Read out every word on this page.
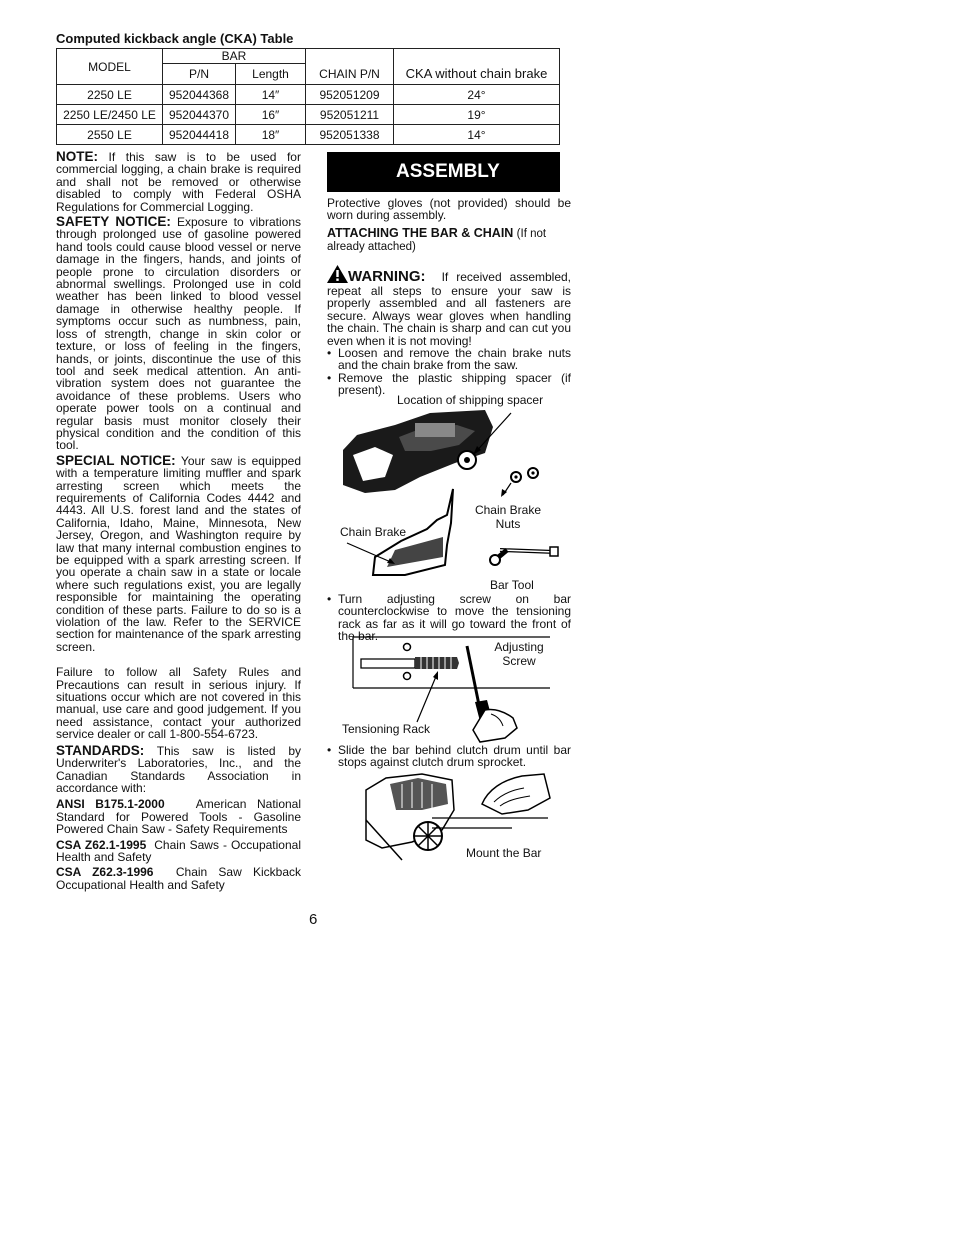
Computed kickback angle (CKA) Table
MODEL	BAR		CHAIN P/N	CKA without chain brake
	P/N	Length		
2250 LE	952044368	14″	952051209	24°
2250 LE/2450 LE	952044370	16″	952051211	19°
2550 LE	952044418	18″	952051338	14°

NOTE: If this saw is to be used for commercial logging, a chain brake is required and shall not be removed or otherwise disabled to comply with Federal OSHA Regulations for Commercial Logging.

SAFETY NOTICE: Exposure to vibrations through prolonged use of gasoline powered hand tools could cause blood vessel or nerve damage in the fingers, hands, and joints of people prone to circulation disorders or abnormal swellings. Prolonged use in cold weather has been linked to blood vessel damage in otherwise healthy people. If symptoms occur such as numbness, pain, loss of strength, change in skin color or texture, or loss of feeling in the fingers, hands, or joints, discontinue the use of this tool and seek medical attention. An anti-vibration system does not guarantee the avoidance of these problems. Users who operate power tools on a continual and regular basis must monitor closely their physical condition and the condition of this tool.

SPECIAL NOTICE: Your saw is equipped with a temperature limiting muffler and spark arresting screen which meets the requirements of California Codes 4442 and 4443. All U.S. forest land and the states of California, Idaho, Maine, Minnesota, New Jersey, Oregon, and Washington require by law that many internal combustion engines to be equipped with a spark arresting screen. If you operate a chain saw in a state or locale where such regulations exist, you are legally responsible for maintaining the operating condition of these parts. Failure to do so is a violation of the law. Refer to the SERVICE section for maintenance of the spark arresting screen.

Failure to follow all Safety Rules and Precautions can result in serious injury. If situations occur which are not covered in this manual, use care and good judgement. If you need assistance, contact your authorized service dealer or call 1-800-554-6723.

STANDARDS: This saw is listed by Underwriter's Laboratories, Inc., and the Canadian Standards Association in accordance with:

ANSI B175.1-2000	American National Standard for Powered Tools - Gasoline Powered Chain Saw - Safety Requirements

CSA Z62.1-1995 Chain Saws - Occupational Health and Safety

CSA Z62.3-1996 Chain Saw Kickback Occupational Health and Safety

ASSEMBLY

Protective gloves (not provided) should be worn during assembly.

ATTACHING THE BAR & CHAIN (If not already attached)

WARNING: If received assembled, repeat all steps to ensure your saw is properly assembled and all fasteners are secure. Always wear gloves when handling the chain. The chain is sharp and can cut you even when it is not moving!

• Loosen and remove the chain brake nuts and the chain brake from the saw.
• Remove the plastic shipping spacer (if present).
Location of shipping spacer
Chain Brake Nuts
Chain Brake
Bar Tool
• Turn adjusting screw on bar counterclockwise to move the tensioning rack as far as it will go toward the front of the bar.
Adjusting Screw
Tensioning Rack
• Slide the bar behind clutch drum until bar stops against clutch drum sprocket.
Mount the Bar
6
